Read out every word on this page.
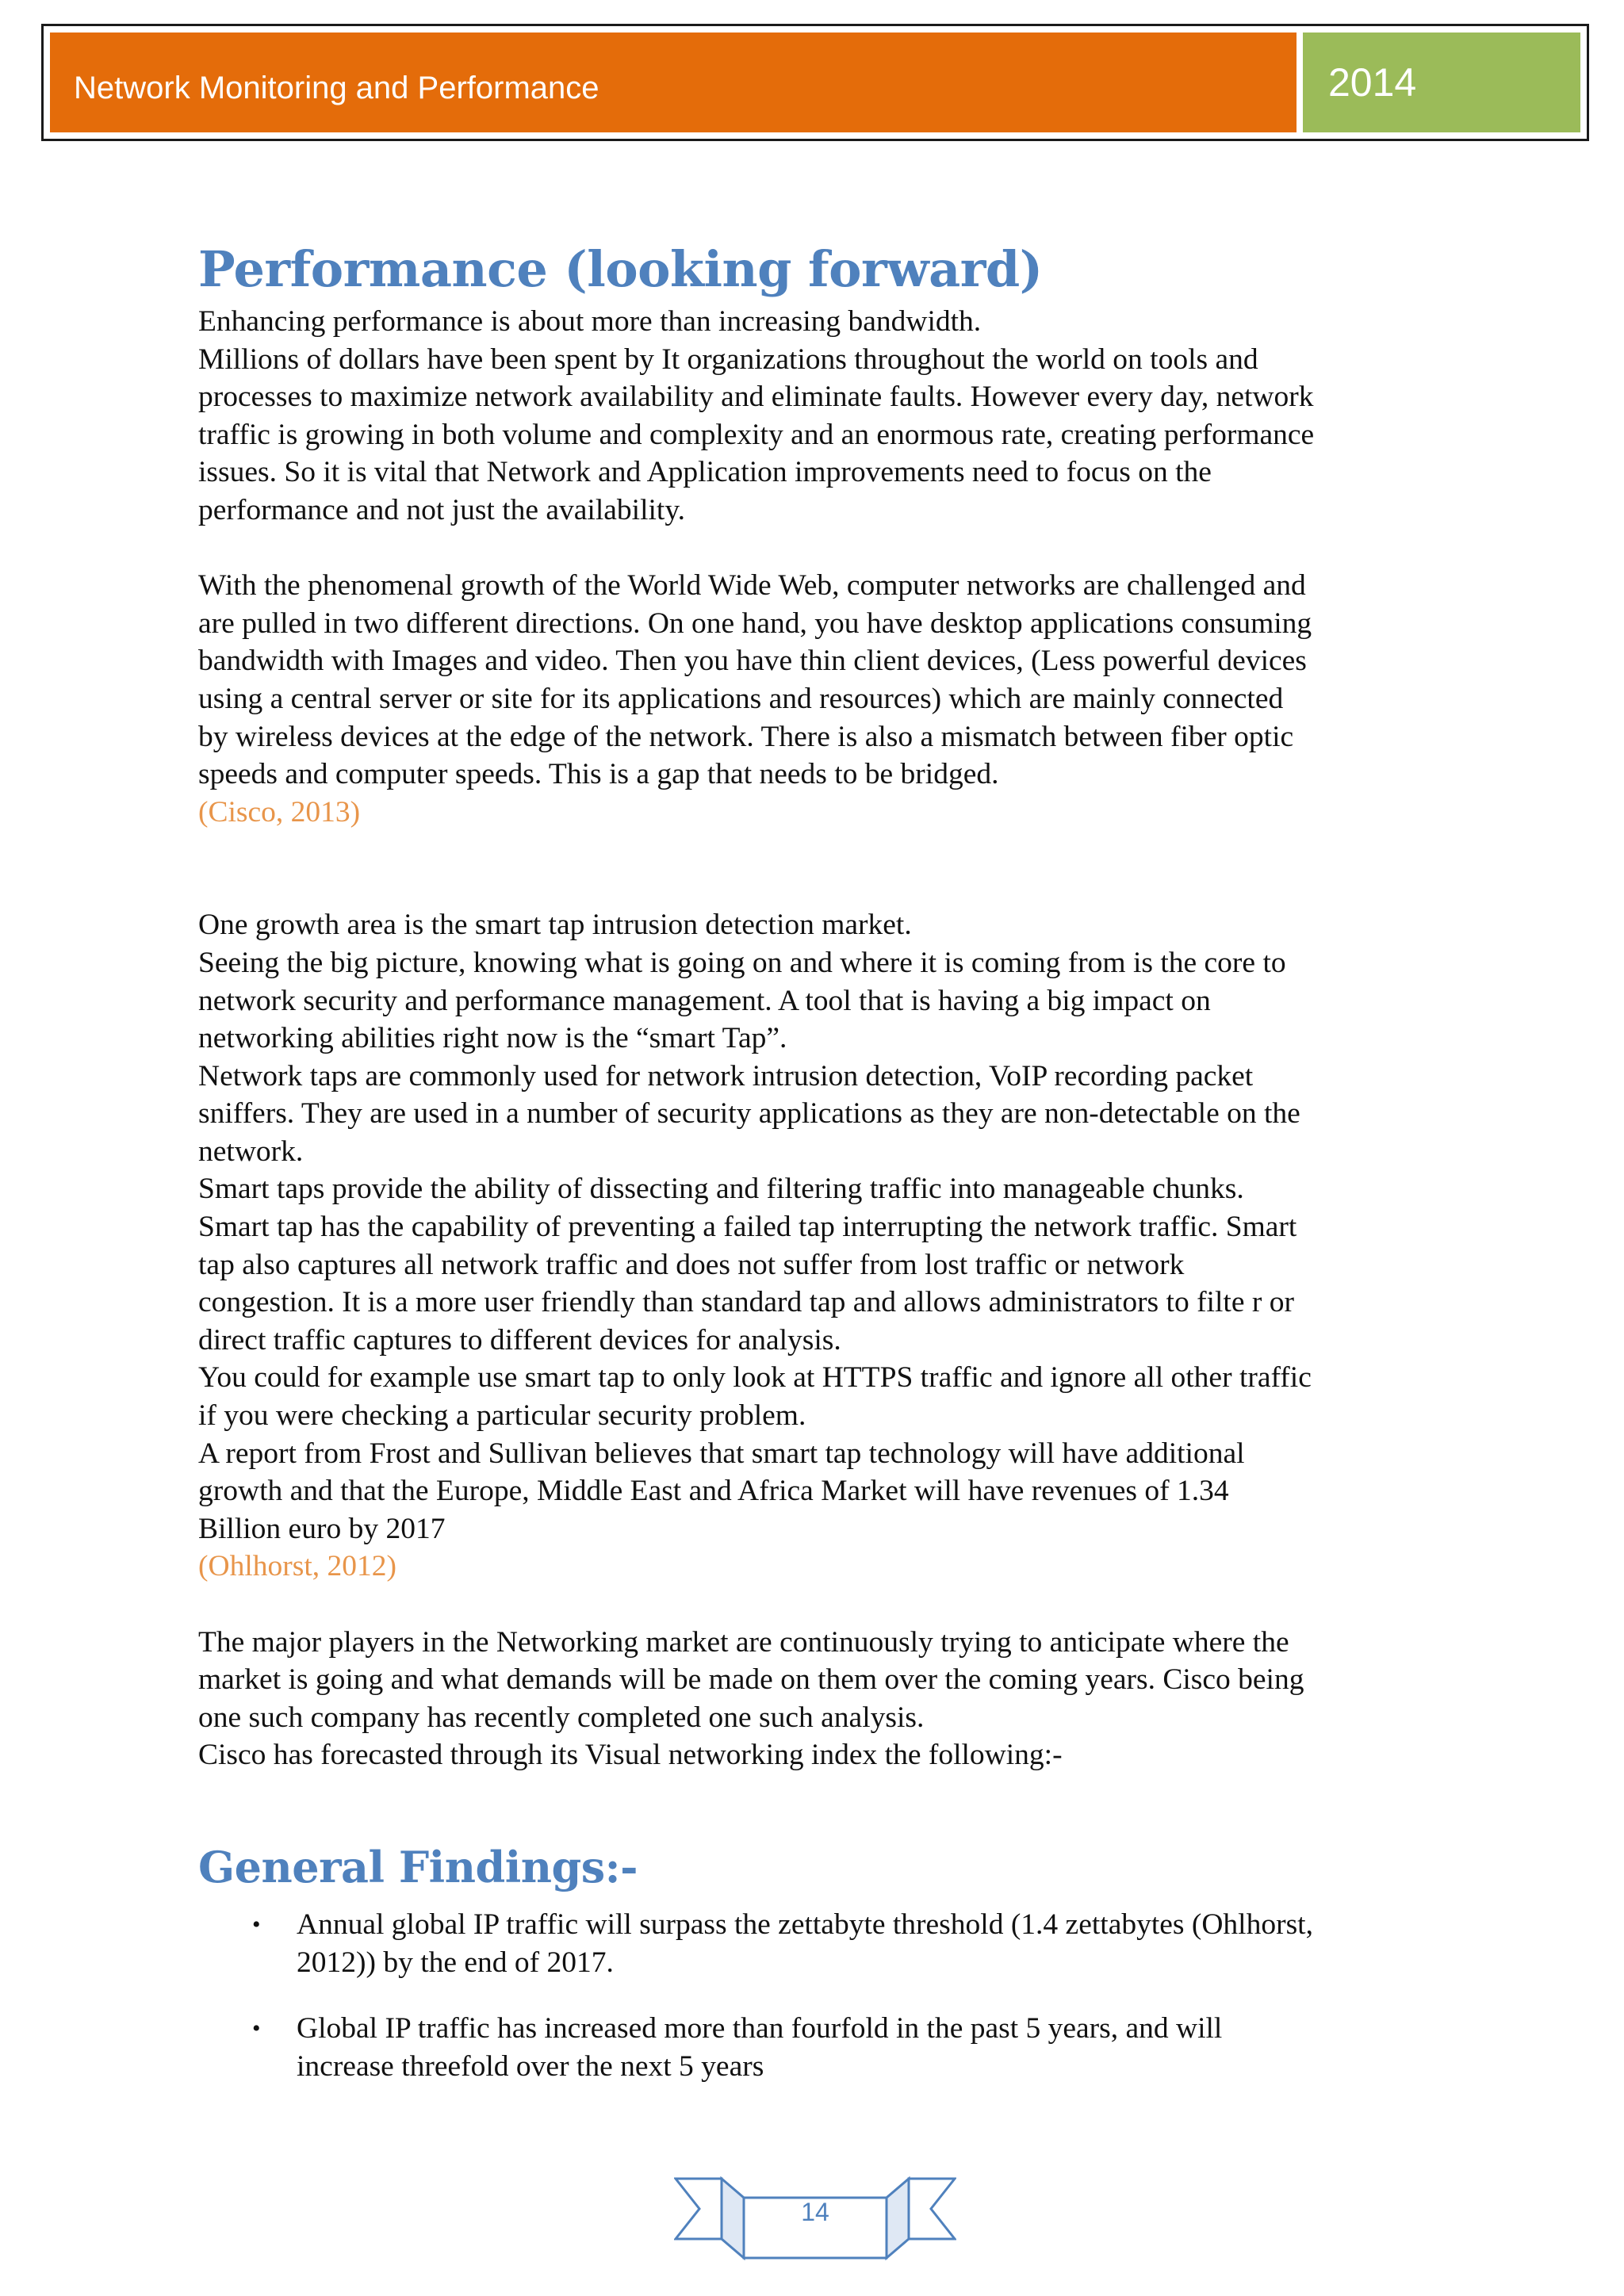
Network Monitoring and Performance	2014
Performance (looking forward)
Enhancing performance is about more than increasing bandwidth.
Millions of dollars have been spent by It organizations throughout the world on tools and
processes to maximize network availability and eliminate faults. However every day, network
traffic is growing in both volume and complexity and an enormous rate, creating performance
issues. So it is vital that Network and Application improvements need to focus on the
performance and not just the availability.
With the phenomenal growth of the World Wide Web, computer networks are challenged and
are pulled in two different directions. On one hand, you have desktop applications consuming
bandwidth with Images and video. Then you have thin client devices, (Less powerful devices
using a central server or site for its applications and resources) which are mainly connected
by wireless devices at the edge of the network. There is also a mismatch between fiber optic
speeds and computer speeds. This is a gap that needs to be bridged.
(Cisco, 2013)
One growth area is the smart tap intrusion detection market.
Seeing the big picture, knowing what is going on and where it is coming from is the core to
network security and performance management. A tool that is having a big impact on
networking abilities right now is the “smart Tap”.
Network taps are commonly used for network intrusion detection, VoIP recording packet
sniffers. They are used in a number of security applications as they are non-detectable on the
network.
Smart taps provide the ability of dissecting and filtering traffic into manageable chunks.
Smart tap has the capability of preventing a failed tap interrupting the network traffic. Smart
tap also captures all network traffic and does not suffer from lost traffic or network
congestion. It is a more user friendly than standard tap and allows administrators to filte r or
direct traffic captures to different devices for analysis.
You could for example use smart tap to only look at HTTPS traffic and ignore all other traffic
if you were checking a particular security problem.
A report from Frost and Sullivan believes that smart tap technology will have additional
growth and that the Europe, Middle East and Africa Market will have revenues of 1.34
Billion euro by 2017
(Ohlhorst, 2012)
The major players in the Networking market are continuously trying to anticipate where the
market is going and what demands will be made on them over the coming years. Cisco being
one such company has recently completed one such analysis.
Cisco has forecasted through its Visual networking index the following:-
General Findings:-
• Annual global IP traffic will surpass the zettabyte threshold (1.4 zettabytes (Ohlhorst,
2012)) by the end of 2017.
• Global IP traffic has increased more than fourfold in the past 5 years, and will
increase threefold over the next 5 years
14
